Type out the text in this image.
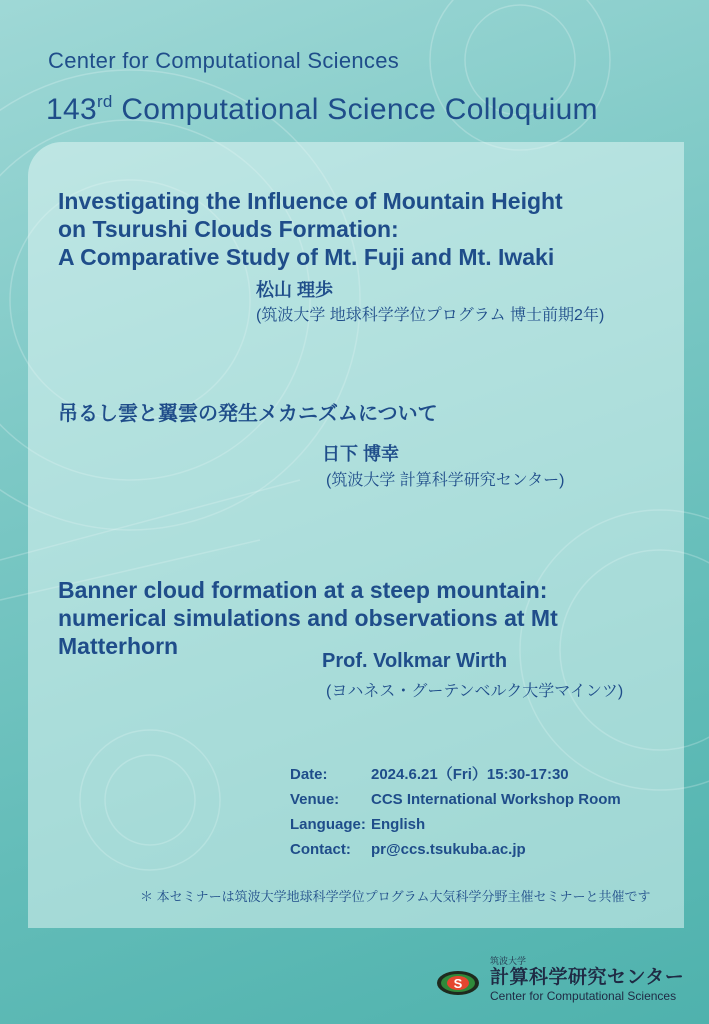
Center for Computational Sciences
143rd Computational Science Colloquium
Investigating the Influence of Mountain Height
on Tsurushi Clouds Formation:
A Comparative Study of Mt. Fuji and Mt. Iwaki
松山 理歩
(筑波大学 地球科学学位プログラム 博士前期2年)
吊るし雲と翼雲の発生メカニズムについて
日下 博幸
(筑波大学 計算科学研究センター)
Banner cloud formation at a steep mountain:
numerical simulations and observations at Mt
Matterhorn
Prof. Volkmar Wirth
(ヨハネス・グーテンベルク大学マインツ)
Date:	2024.6.21（Fri）15:30-17:30
Venue:	CCS International Workshop Room
Language: English
Contact:	pr@ccs.tsukuba.ac.jp
＊ 本セミナーは筑波大学地球科学学位プログラム大気科学分野主催セミナーと共催です
S
筑波大学
計算科学研究センター
Center for Computational Sciences
